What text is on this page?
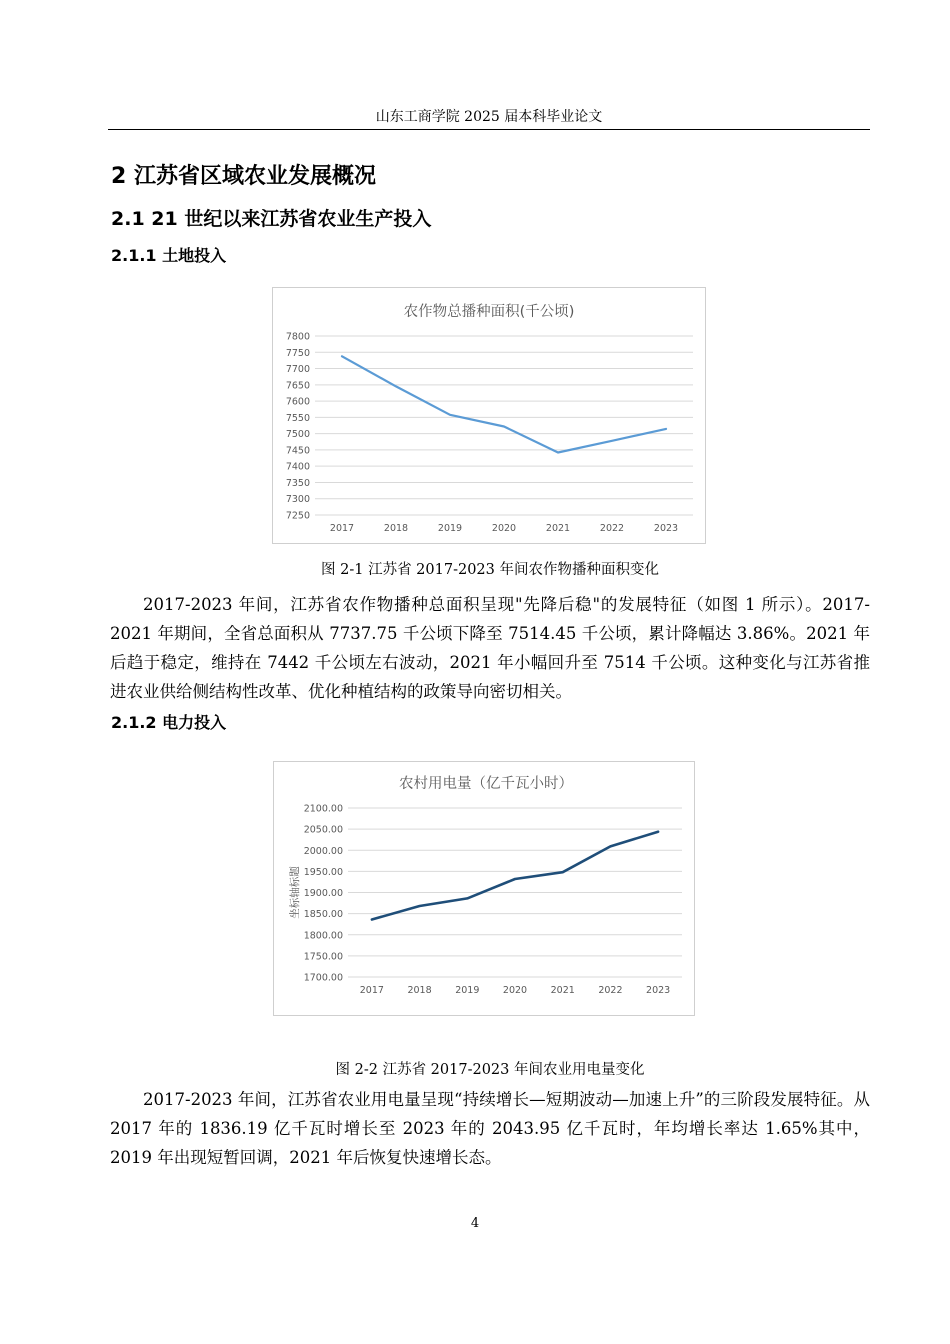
山东工商学院 2025 届本科毕业论文
2 江苏省区域农业发展概况
2.1 21 世纪以来江苏省农业生产投入
2.1.1 土地投入
农作物总播种面积(千公顷)
7800
7750
7700
7650
7600
7550
7500
7450
7400
7350
7300
7250
2017	2018	2019	2020	2021	2022	2023
图 2-1 江苏省 2017-2023 年间农作物播种面积变化

2017-2023 年间，江苏省农作物播种总面积呈现"先降后稳"的发展特征（如图 1 所示）。2017-2021 年期间，全省总面积从 7737.75 千公顷下降至 7514.45 千公顷，累计降幅达 3.86%。2021 年后趋于稳定，维持在 7442 千公顷左右波动，2021 年小幅回升至 7514 千公顷。这种变化与江苏省推进农业供给侧结构性改革、优化种植结构的政策导向密切相关。

2.1.2 电力投入
农村用电量（亿千瓦小时）
2100.00
2050.00
2000.00
1950.00
1900.00
1850.00
1800.00
1750.00
1700.00
2017 2018 2019 2020 2021 2022 2023
坐标轴标题
图 2-2 江苏省 2017-2023 年间农业用电量变化

2017-2023 年间，江苏省农业用电量呈现“持续增长—短期波动—加速上升”的三阶段发展特征。从 2017 年的 1836.19 亿千瓦时增长至 2023 年的 2043.95 亿千瓦时，年均增长率达 1.65%其中，2019 年出现短暂回调，2021 年后恢复快速增长态。

4
